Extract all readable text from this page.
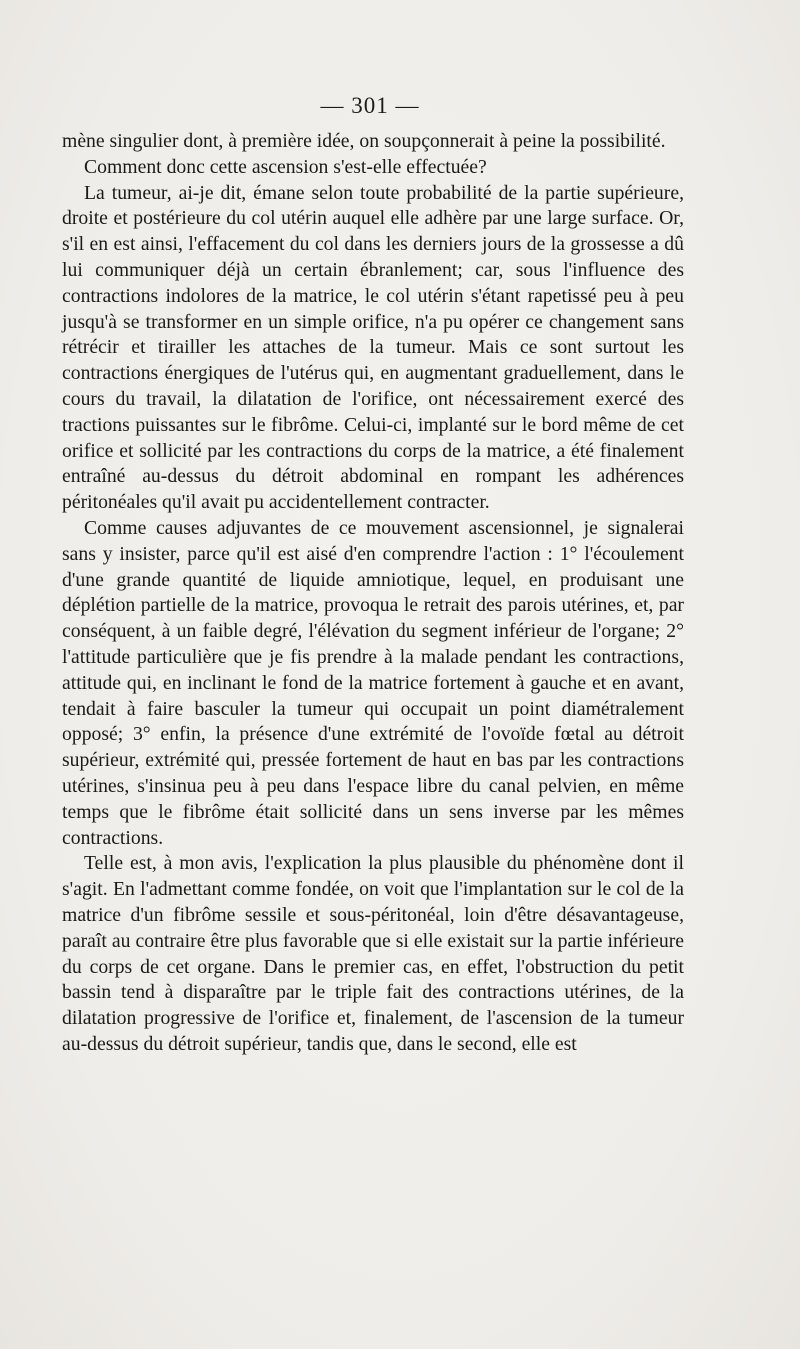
— 301 —

mène singulier dont, à première idée, on soupçonnerait à peine la possibilité.

Comment donc cette ascension s'est-elle effectuée?

La tumeur, ai-je dit, émane selon toute probabilité de la partie supérieure, droite et postérieure du col utérin auquel elle adhère par une large surface. Or, s'il en est ainsi, l'effacement du col dans les derniers jours de la grossesse a dû lui communiquer déjà un certain ébranlement; car, sous l'influence des contractions indolores de la matrice, le col utérin s'étant rapetissé peu à peu jusqu'à se transformer en un simple orifice, n'a pu opérer ce changement sans rétrécir et tirailler les attaches de la tumeur. Mais ce sont surtout les contractions énergiques de l'utérus qui, en augmentant graduellement, dans le cours du travail, la dilatation de l'orifice, ont nécessairement exercé des tractions puissantes sur le fibrôme. Celui-ci, implanté sur le bord même de cet orifice et sollicité par les contractions du corps de la matrice, a été finalement entraîné au-dessus du détroit abdominal en rompant les adhérences péritonéales qu'il avait pu accidentellement contracter.

Comme causes adjuvantes de ce mouvement ascensionnel, je signalerai sans y insister, parce qu'il est aisé d'en comprendre l'action : 1° l'écoulement d'une grande quantité de liquide amniotique, lequel, en produisant une déplétion partielle de la matrice, provoqua le retrait des parois utérines, et, par conséquent, à un faible degré, l'élévation du segment inférieur de l'organe; 2° l'attitude particulière que je fis prendre à la malade pendant les contractions, attitude qui, en inclinant le fond de la matrice fortement à gauche et en avant, tendait à faire basculer la tumeur qui occupait un point diamétralement opposé; 3° enfin, la présence d'une extrémité de l'ovoïde fœtal au détroit supérieur, extrémité qui, pressée fortement de haut en bas par les contractions utérines, s'insinua peu à peu dans l'espace libre du canal pelvien, en même temps que le fibrôme était sollicité dans un sens inverse par les mêmes contractions.

Telle est, à mon avis, l'explication la plus plausible du phénomène dont il s'agit. En l'admettant comme fondée, on voit que l'implantation sur le col de la matrice d'un fibrôme sessile et sous-péritonéal, loin d'être désavantageuse, paraît au contraire être plus favorable que si elle existait sur la partie inférieure du corps de cet organe. Dans le premier cas, en effet, l'obstruction du petit bassin tend à disparaître par le triple fait des contractions utérines, de la dilatation progressive de l'orifice et, finalement, de l'ascension de la tumeur au-dessus du détroit supérieur, tandis que, dans le second, elle est
